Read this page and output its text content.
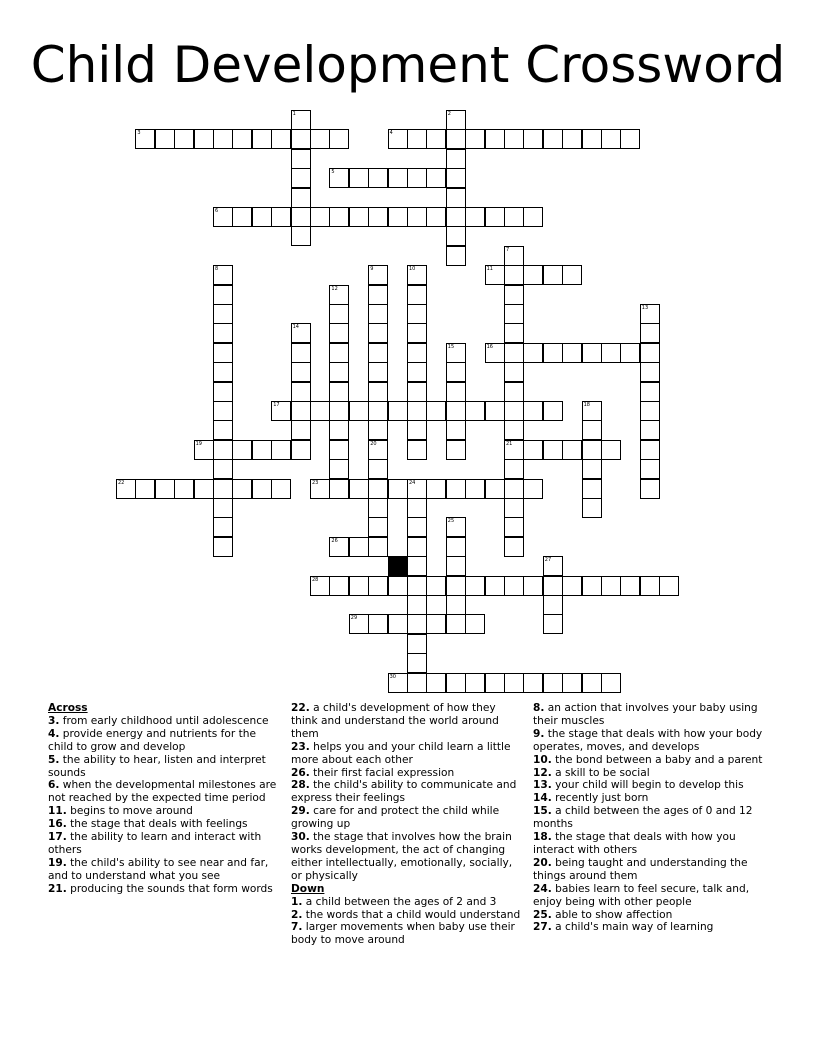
Child Development Crossword
1	2
3	4
5
6
7
21
8	9
20
10	11
12
13
14
15	16
17	18
19
22	23	24
25
26
27
28
29
30
Across
3. from early childhood until adolescence
4. provide energy and nutrients for the child to grow and develop
5. the ability to hear, listen and interpret sounds
6. when the developmental milestones are not reached by the expected time period
11. begins to move around
16. the stage that deals with feelings
17. the ability to learn and interact with others
19. the child's ability to see near and far, and to understand what you see
21. producing the sounds that form words
22. a child's development of how they think and understand the world around them
23. helps you and your child learn a little more about each other
26. their first facial expression
28. the child's ability to communicate and express their feelings
29. care for and protect the child while growing up
30. the stage that involves how the brain works development, the act of changing either intellectually, emotionally, socially, or physically
Down
1. a child between the ages of 2 and 3
2. the words that a child would understand
7. larger movements when baby use their body to move around
8. an action that involves your baby using their muscles
9. the stage that deals with how your body operates, moves, and develops
10. the bond between a baby and a parent
12. a skill to be social
13. your child will begin to develop this
14. recently just born
15. a child between the ages of 0 and 12 months
18. the stage that deals with how you interact with others
20. being taught and understanding the things around them
24. babies learn to feel secure, talk and, enjoy being with other people
25. able to show affection
27. a child's main way of learning
